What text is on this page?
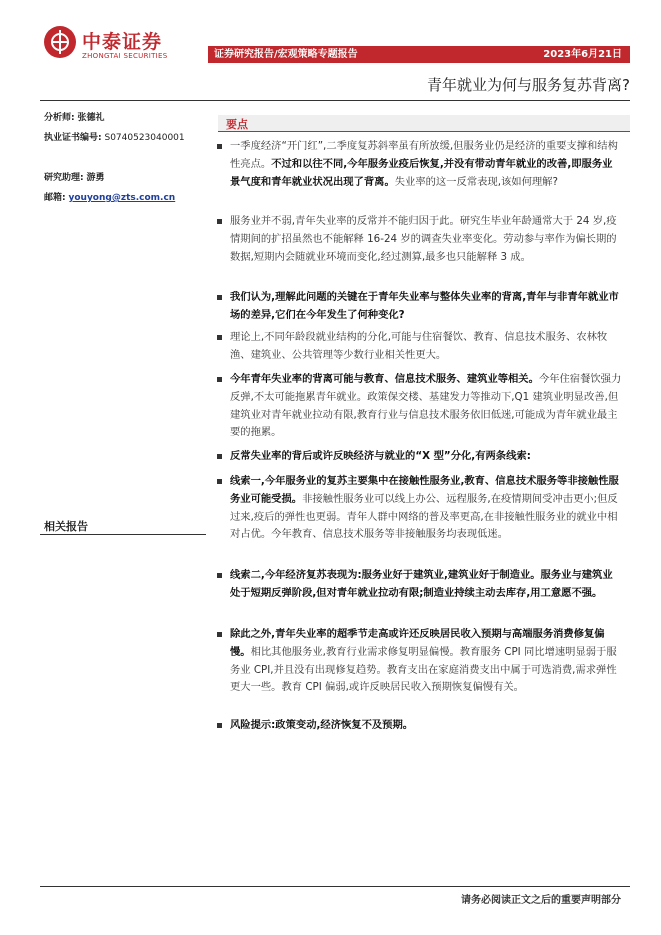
中泰证券
ZHONGTAI SECURITIES	证券研究报告/宏观策略专题报告	2023年6月21日
青年就业为何与服务复苏背离?
分析师: 张德礼
执业证书编号: S0740523040001
研究助理: 游勇
邮箱: youyong@zts.com.cn
相关报告
要点
一季度经济“开门红”,二季度复苏斜率虽有所放缓,但服务业仍是经济的重要支撑和结构性亮点。不过和以往不同,今年服务业疫后恢复,并没有带动青年就业的改善,即服务业景气度和青年就业状况出现了背离。失业率的这一反常表现,该如何理解?
服务业并不弱,青年失业率的反常并不能归因于此。研究生毕业年龄通常大于 24 岁,疫情期间的扩招虽然也不能解释 16-24 岁的调查失业率变化。劳动参与率作为偏长期的数据,短期内会随就业环境而变化,经过测算,最多也只能解释 3 成。
我们认为,理解此问题的关键在于青年失业率与整体失业率的背离,青年与非青年就业市场的差异,它们在今年发生了何种变化?
理论上,不同年龄段就业结构的分化,可能与住宿餐饮、教育、信息技术服务、农林牧渔、建筑业、公共管理等少数行业相关性更大。
今年青年失业率的背离可能与教育、信息技术服务、建筑业等相关。今年住宿餐饮强力反弹,不太可能拖累青年就业。政策保交楼、基建发力等推动下,Q1 建筑业明显改善,但建筑业对青年就业拉动有限,教育行业与信息技术服务依旧低迷,可能成为青年就业最主要的拖累。
反常失业率的背后或许反映经济与就业的“X 型”分化,有两条线索:
线索一,今年服务业的复苏主要集中在接触性服务业,教育、信息技术服务等非接触性服务业可能受损。非接触性服务业可以线上办公、远程服务,在疫情期间受冲击更小;但反过来,疫后的弹性也更弱。青年人群中网络的普及率更高,在非接触性服务业的就业中相对占优。今年教育、信息技术服务等非接触服务均表现低迷。
线索二,今年经济复苏表现为:服务业好于建筑业,建筑业好于制造业。服务业与建筑业处于短期反弹阶段,但对青年就业拉动有限;制造业持续主动去库存,用工意愿不强。
除此之外,青年失业率的超季节走高或许还反映居民收入预期与高端服务消费修复偏慢。相比其他服务业,教育行业需求修复明显偏慢。教育服务 CPI 同比增速明显弱于服务业 CPI,并且没有出现修复趋势。教育支出在家庭消费支出中属于可选消费,需求弹性更大一些。教育 CPI 偏弱,或许反映居民收入预期恢复偏慢有关。
风险提示:政策变动,经济恢复不及预期。
请务必阅读正文之后的重要声明部分
